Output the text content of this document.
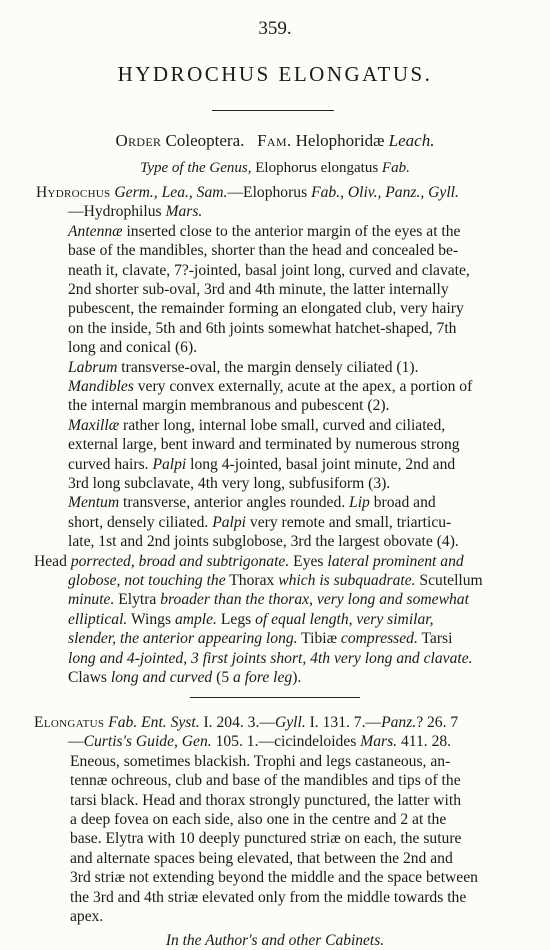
359.
HYDROCHUS ELONGATUS.
Order Coleoptera. Fam. Helophoridæ Leach.
Type of the Genus, Elophorus elongatus Fab.
Hydrochus Germ., Lea., Sam.—Elophorus Fab., Oliv., Panz., Gyll.
—Hydrophilus Mars.
Antennæ inserted close to the anterior margin of the eyes at the
base of the mandibles, shorter than the head and concealed be-
neath it, clavate, 7?-jointed, basal joint long, curved and clavate,
2nd shorter sub-oval, 3rd and 4th minute, the latter internally
pubescent, the remainder forming an elongated club, very hairy
on the inside, 5th and 6th joints somewhat hatchet-shaped, 7th
long and conical (6).
Labrum transverse-oval, the margin densely ciliated (1).
Mandibles very convex externally, acute at the apex, a portion of
the internal margin membranous and pubescent (2).
Maxillæ rather long, internal lobe small, curved and ciliated,
external large, bent inward and terminated by numerous strong
curved hairs. Palpi long 4-jointed, basal joint minute, 2nd and
3rd long subclavate, 4th very long, subfusiform (3).
Mentum transverse, anterior angles rounded. Lip broad and
short, densely ciliated. Palpi very remote and small, triarticu-
late, 1st and 2nd joints subglobose, 3rd the largest obovate (4).
Head porrected, broad and subtrigonate. Eyes lateral prominent and
globose, not touching the Thorax which is subquadrate. Scutellum
minute. Elytra broader than the thorax, very long and somewhat
elliptical. Wings ample. Legs of equal length, very similar,
slender, the anterior appearing long. Tibiæ compressed. Tarsi
long and 4-jointed, 3 first joints short, 4th very long and clavate.
Claws long and curved (5 a fore leg).
Elongatus Fab. Ent. Syst. I. 204. 3.—Gyll. I. 131. 7.—Panz.? 26. 7
—Curtis's Guide, Gen. 105. 1.—cicindeloides Mars. 411. 28.
Eneous, sometimes blackish. Trophi and legs castaneous, an-
tennæ ochreous, club and base of the mandibles and tips of the
tarsi black. Head and thorax strongly punctured, the latter with
a deep fovea on each side, also one in the centre and 2 at the
base. Elytra with 10 deeply punctured striæ on each, the suture
and alternate spaces being elevated, that between the 2nd and
3rd striæ not extending beyond the middle and the space between
the 3rd and 4th striæ elevated only from the middle towards the
apex.
In the Author's and other Cabinets.
